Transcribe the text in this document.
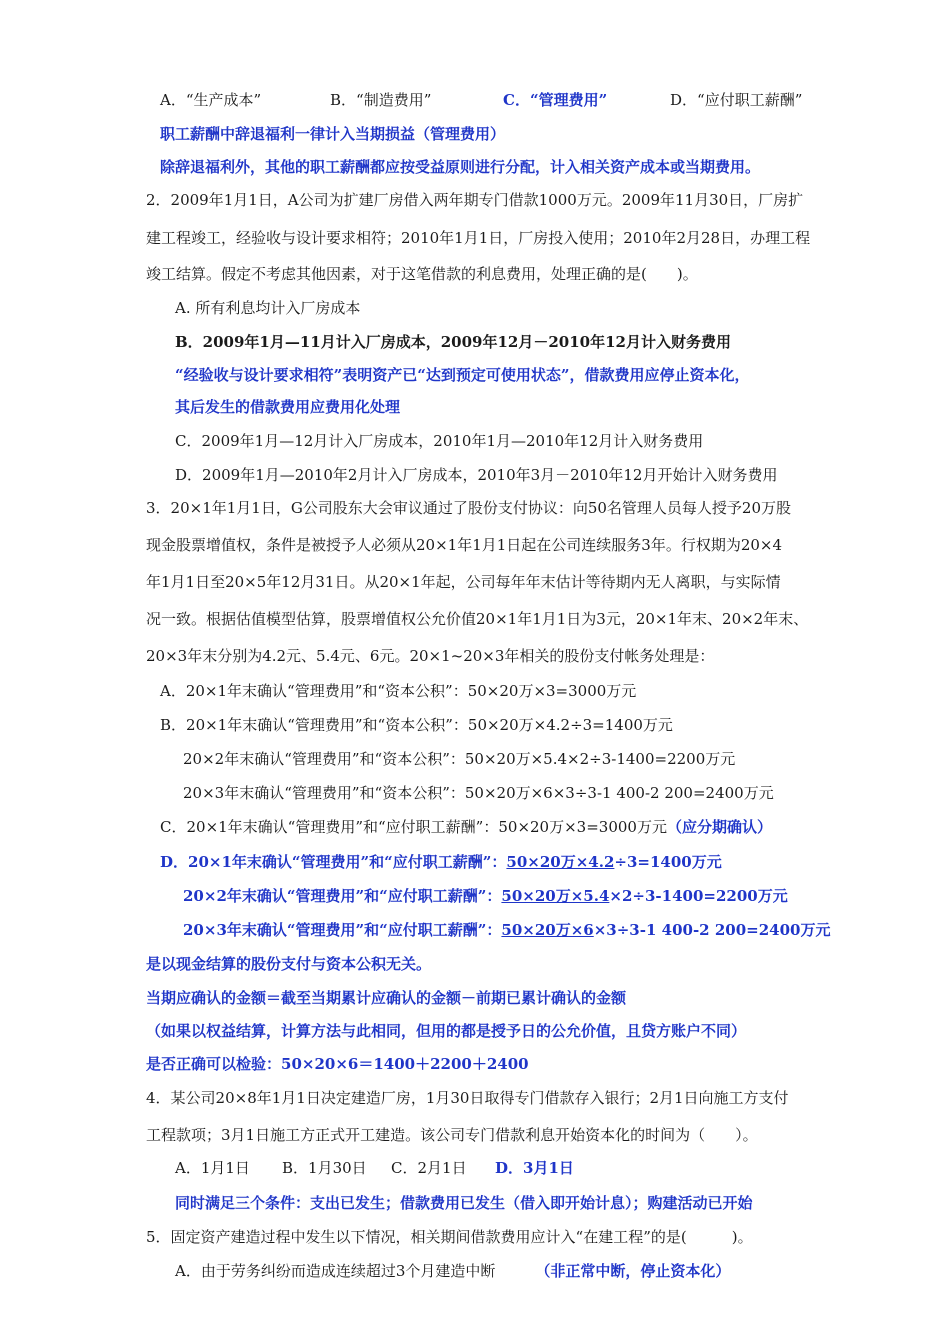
A．“生产成本”	B．“制造费用”	C．“管理费用”	D．“应付职工薪酬”
职工薪酬中辞退福利一律计入当期损益（管理费用）
除辞退福利外，其他的职工薪酬都应按受益原则进行分配，计入相关资产成本或当期费用。
2．2009年1月1日，A公司为扩建厂房借入两年期专门借款1000万元。2009年11月30日，厂房扩
建工程竣工，经验收与设计要求相符；2010年1月1日，厂房投入使用；2010年2月28日，办理工程
竣工结算。假定不考虑其他因素，对于这笔借款的利息费用，处理正确的是(　　)。
A. 所有利息均计入厂房成本
B．2009年1月—11月计入厂房成本，2009年12月－2010年12月计入财务费用
“经验收与设计要求相符”表明资产已“达到预定可使用状态”，借款费用应停止资本化，
其后发生的借款费用应费用化处理
C．2009年1月—12月计入厂房成本，2010年1月—2010年12月计入财务费用
D．2009年1月—2010年2月计入厂房成本，2010年3月－2010年12月开始计入财务费用
3．20×1年1月1日，G公司股东大会审议通过了股份支付协议：向50名管理人员每人授予20万股
现金股票增值权，条件是被授予人必须从20×1年1月1日起在公司连续服务3年。行权期为20×4
年1月1日至20×5年12月31日。从20×1年起，公司每年年末估计等待期内无人离职，与实际情
况一致。根据估值模型估算，股票增值权公允价值20×1年1月1日为3元，20×1年末、20×2年末、
20×3年末分别为4.2元、5.4元、6元。20×1~20×3年相关的股份支付帐务处理是：
A．20×1年末确认“管理费用”和“资本公积”：50×20万×3=3000万元
B．20×1年末确认“管理费用”和“资本公积”：50×20万×4.2÷3=1400万元
20×2年末确认“管理费用”和“资本公积”：50×20万×5.4×2÷3-1400=2200万元
20×3年末确认“管理费用”和“资本公积”：50×20万×6×3÷3-1 400-2 200=2400万元
C．20×1年末确认“管理费用”和“应付职工薪酬”：50×20万×3=3000万元（应分期确认）
D．20×1年末确认“管理费用”和“应付职工薪酬”：50×20万×4.2÷3=1400万元
20×2年末确认“管理费用”和“应付职工薪酬”：50×20万×5.4×2÷3-1400=2200万元
20×3年末确认“管理费用”和“应付职工薪酬”：50×20万×6×3÷3-1 400-2 200=2400万元
是以现金结算的股份支付与资本公积无关。
当期应确认的金额＝截至当期累计应确认的金额－前期已累计确认的金额
（如果以权益结算，计算方法与此相同，但用的都是授予日的公允价值，且贷方账户不同）
是否正确可以检验：50×20×6＝1400＋2200＋2400
4．某公司20×8年1月1日决定建造厂房，1月30日取得专门借款存入银行；2月1日向施工方支付
工程款项；3月1日施工方正式开工建造。该公司专门借款利息开始资本化的时间为（　　）。
A．1月1日 B．1月30日 C．2月1日 D．3月1日
同时满足三个条件：支出已发生；借款费用已发生（借入即开始计息）；购建活动已开始
5．固定资产建造过程中发生以下情况，相关期间借款费用应计入“在建工程”的是(　　　)。
A．由于劳务纠纷而造成连续超过3个月建造中断	（非正常中断，停止资本化）
